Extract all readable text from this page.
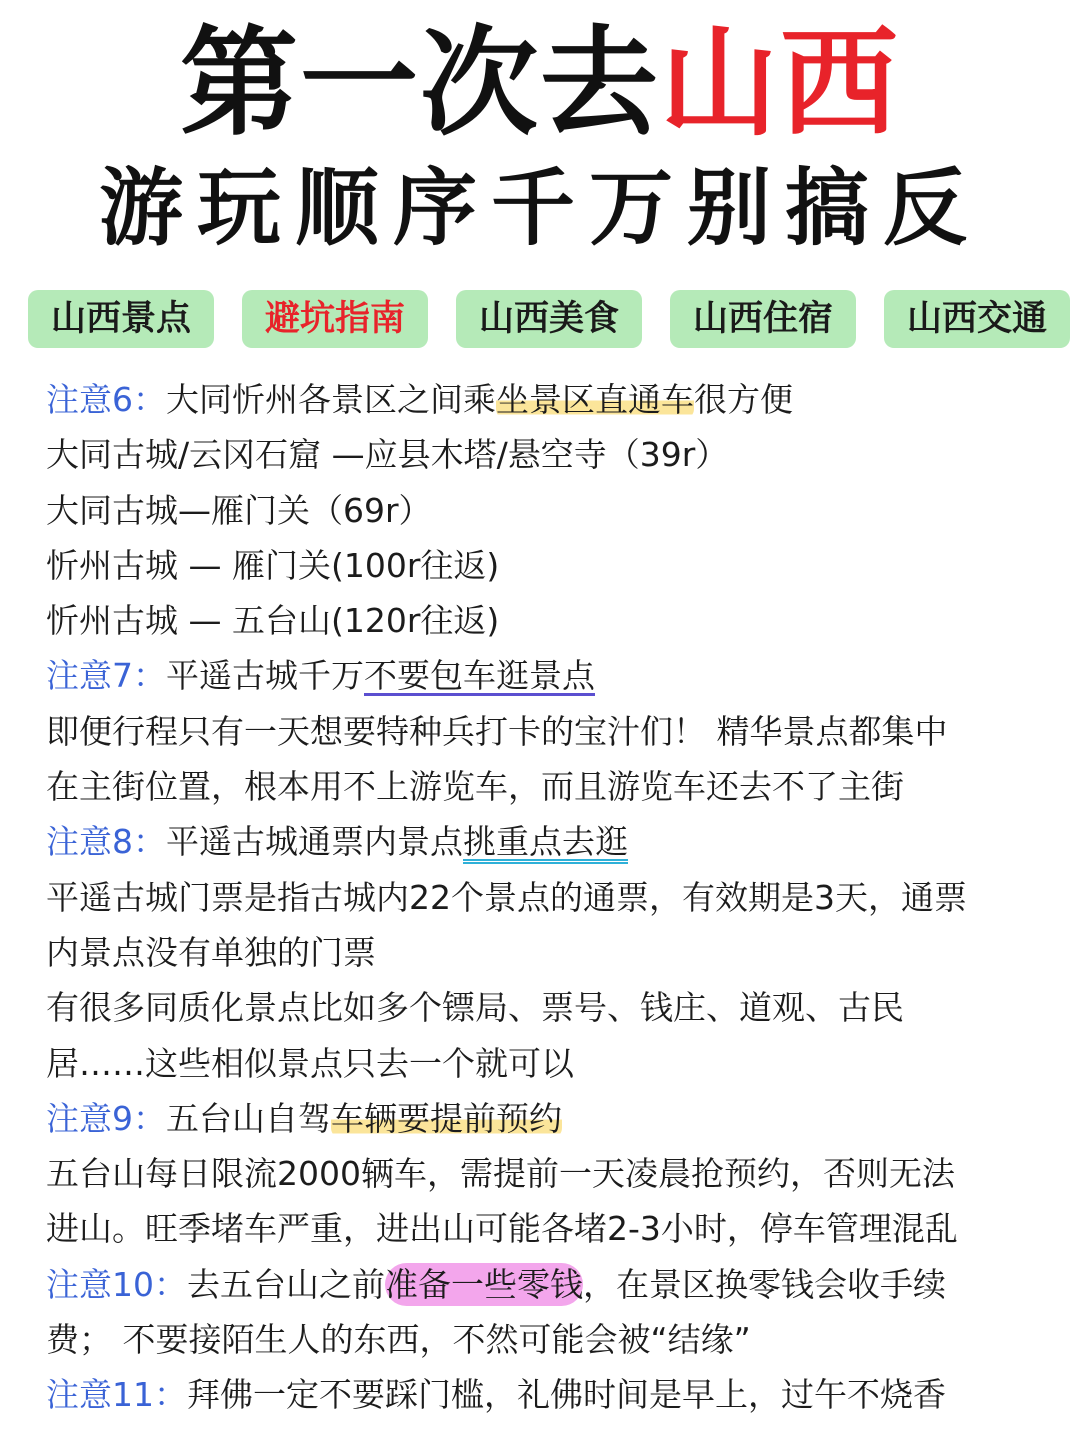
第一次去山西
游玩顺序千万别搞反
山西景点	避坑指南	山西美食	山西住宿	山西交通
注意6：大同忻州各景区之间乘坐景区直通车很方便
大同古城/云冈石窟 —应县木塔/悬空寺（39r）
大同古城—雁门关（69r）
忻州古城 — 雁门关(100r往返)
忻州古城 — 五台山(120r往返)
注意7：平遥古城千万不要包车逛景点
即便行程只有一天想要特种兵打卡的宝汁们！ 精华景点都集中
在主街位置，根本用不上游览车，而且游览车还去不了主街
注意8：平遥古城通票内景点挑重点去逛
平遥古城门票是指古城内22个景点的通票，有效期是3天，通票
内景点没有单独的门票
有很多同质化景点比如多个镖局、票号、钱庄、道观、古民
居……这些相似景点只去一个就可以
注意9：五台山自驾车辆要提前预约
五台山每日限流2000辆车，需提前一天凌晨抢预约，否则无法
进山。旺季堵车严重，进出山可能各堵2-3小时，停车管理混乱
注意10：去五台山之前准备一些零钱，在景区换零钱会收手续
费； 不要接陌生人的东西，不然可能会被“结缘”
注意11：拜佛一定不要踩门槛，礼佛时间是早上，过午不烧香
